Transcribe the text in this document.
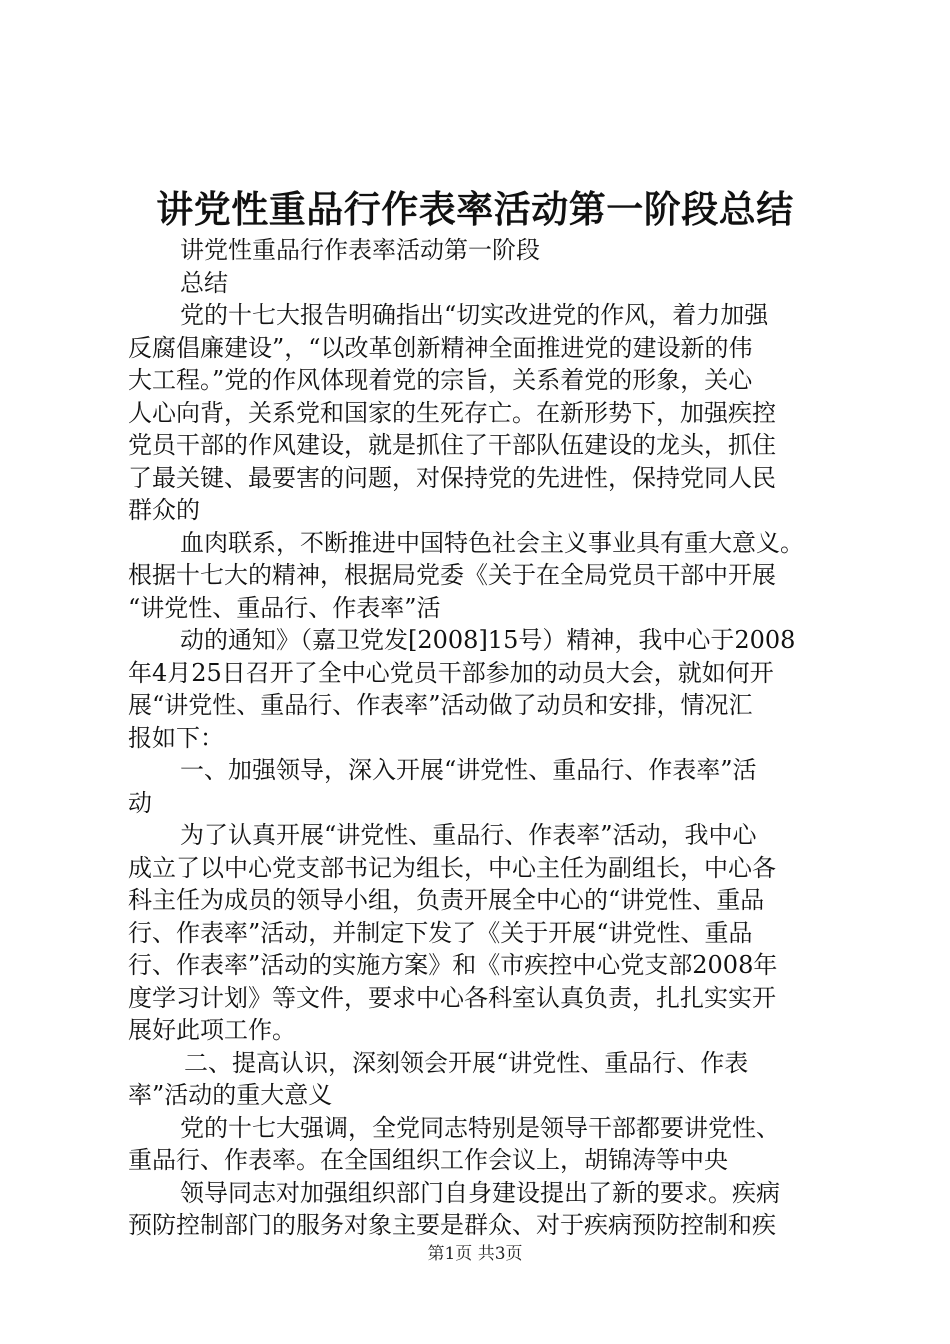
讲党性重品行作表率活动第一阶段总结
讲党性重品行作表率活动第一阶段
总结
党的十七大报告明确指出“切实改进党的作风，着力加强
反腐倡廉建设”，“以改革创新精神全面推进党的建设新的伟
大工程。”党的作风体现着党的宗旨，关系着党的形象，关心
人心向背，关系党和国家的生死存亡。在新形势下，加强疾控
党员干部的作风建设，就是抓住了干部队伍建设的龙头，抓住
了最关键、最要害的问题，对保持党的先进性，保持党同人民
群众的
血肉联系，不断推进中国特色社会主义事业具有重大意义。
根据十七大的精神，根据局党委《关于在全局党员干部中开展
“讲党性、重品行、作表率”活
动的通知》（嘉卫党发[2008]15号）精神，我中心于2008
年4月25日召开了全中心党员干部参加的动员大会，就如何开
展“讲党性、重品行、作表率”活动做了动员和安排，情况汇
报如下：
一、加强领导，深入开展“讲党性、重品行、作表率”活
动
为了认真开展“讲党性、重品行、作表率”活动，我中心
成立了以中心党支部书记为组长，中心主任为副组长，中心各
科主任为成员的领导小组，负责开展全中心的“讲党性、重品
行、作表率”活动，并制定下发了《关于开展“讲党性、重品
行、作表率”活动的实施方案》和《市疾控中心党支部2008年
度学习计划》等文件，要求中心各科室认真负责，扎扎实实开
展好此项工作。
二、提高认识，深刻领会开展“讲党性、重品行、作表
率”活动的重大意义
党的十七大强调，全党同志特别是领导干部都要讲党性、
重品行、作表率。在全国组织工作会议上，胡锦涛等中央
领导同志对加强组织部门自身建设提出了新的要求。疾病
预防控制部门的服务对象主要是群众、对于疾病预防控制和疾
第1页 共3页
